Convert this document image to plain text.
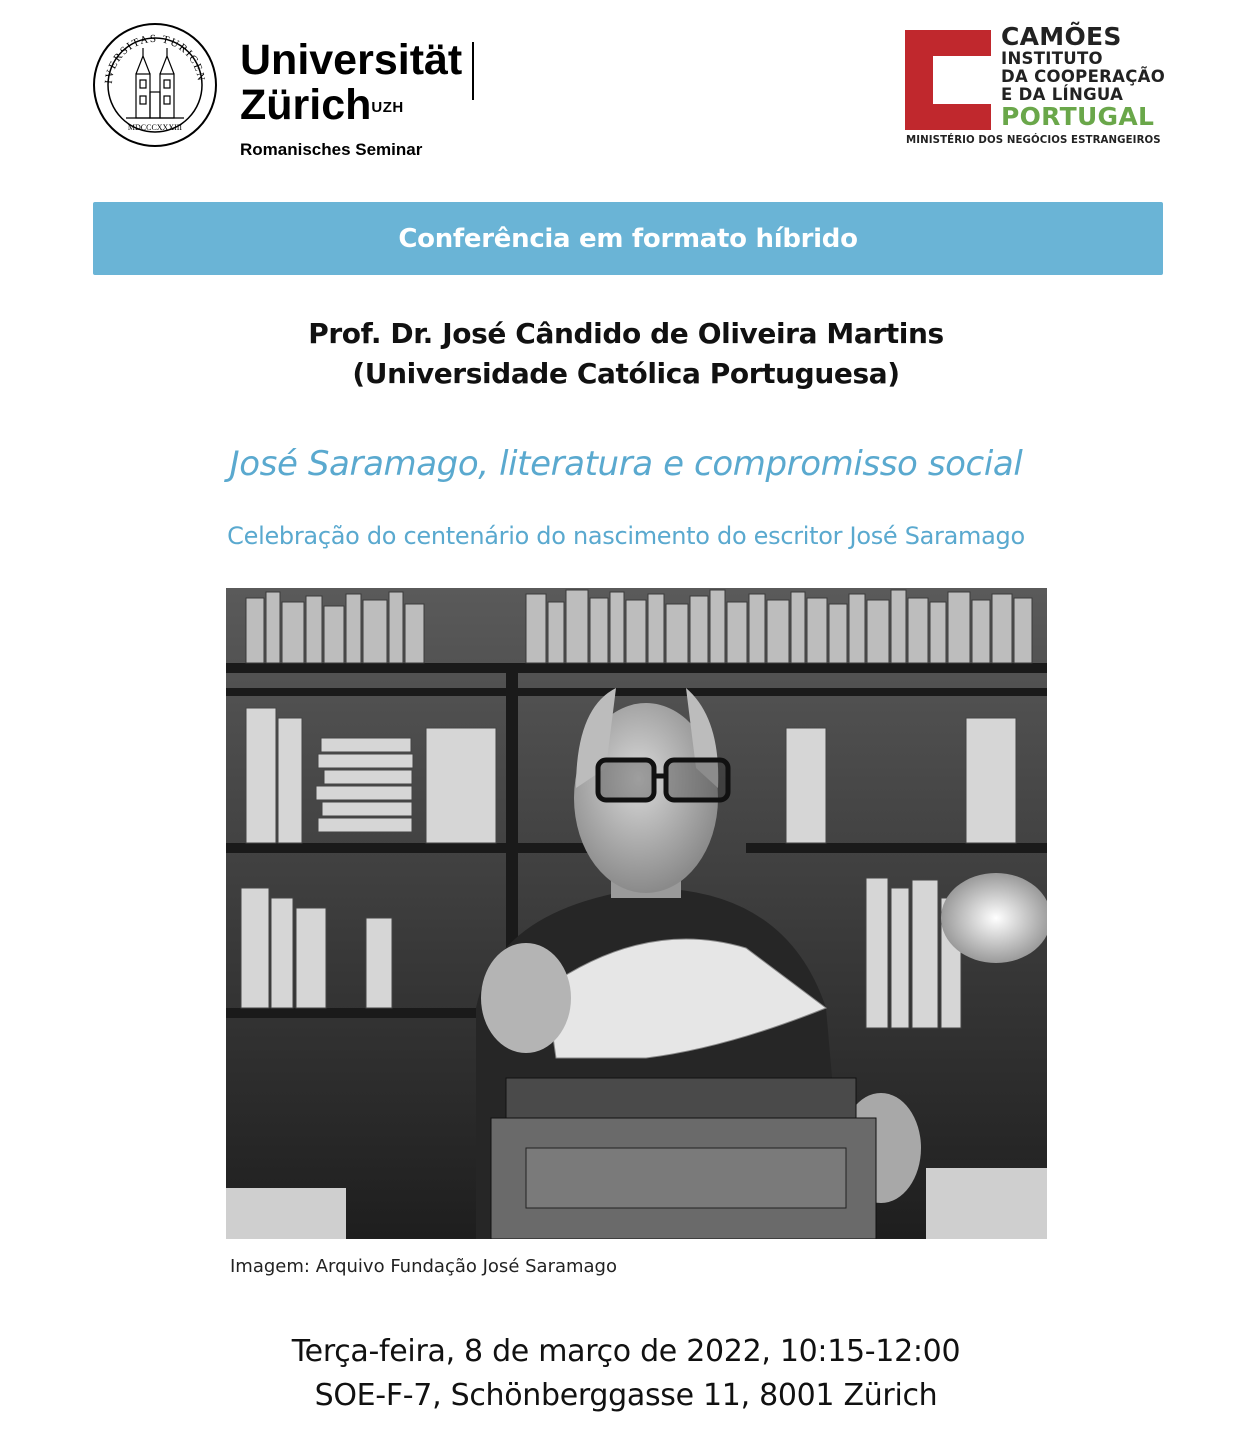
IVERSITAS TURICEN
MDCCCXXXIII
Universität
Zürich$^{UZH}$
Romanisches Seminar
CAMÕES
INSTITUTO
DA COOPERAÇÃO
E DA LÍNGUA
PORTUGAL
MINISTÉRIO DOS NEGÓCIOS ESTRANGEIROS
Conferência em formato híbrido
Prof. Dr. José Cândido de Oliveira Martins
(Universidade Católica Portuguesa)
José Saramago, literatura e compromisso social
Celebração do centenário do nascimento do escritor José Saramago
Imagem: Arquivo Fundação José Saramago
Terça-feira, 8 de março de 2022, 10:15-12:00
SOE-F-7, Schönberggasse 11, 8001 Zürich
